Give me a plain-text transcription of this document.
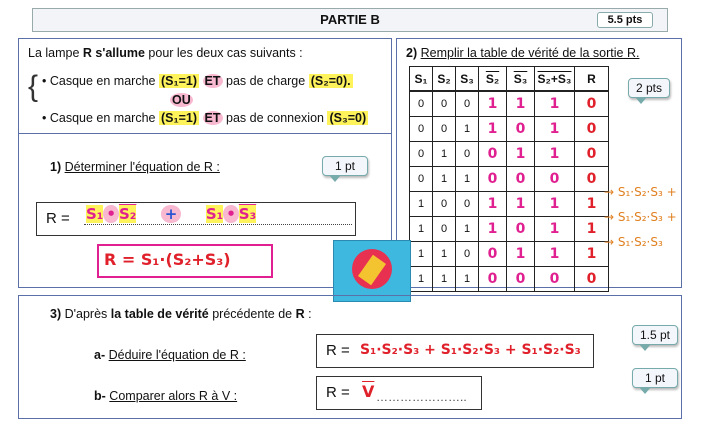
PARTIE B	5.5 pts
La lampe R s'allume pour les deux cas suivants :
{ • Casque en marche (S₁=1) ET pas de charge (S₂=0).
OU
• Casque en marche (S₁=1) ET pas de connexion (S₃=0)
1) Déterminer l'équation de R :	1 pt
R = S₁ • S₂ + S₁ • S₃
R = S₁·(S₂+S₃)
2) Remplir la table de vérité de la sortie R.
2 pts
S₁	S₂	S₃	S₂	S₃	S₂+S₃	R
0	0	0	1	1	1	0
0	0	1	1	0	1	0
0	1	0	0	1	1	0
0	1	1	0	0	0	0
1	0	0	1	1	1	1
1	0	1	1	0	1	1
1	1	0	0	1	1	1
1	1	1	0	0	0	0
→ S₁·S₂·S₃ +
→ S₁·S₂·S₃ +
→ S₁·S₂·S₃
3) D'après la table de vérité précédente de R :
a- Déduire l'équation de R :	R = S₁·S₂·S₃ + S₁·S₂·S₃ + S₁·S₂·S₃
1.5 pt
b- Comparer alors R à V :	$R = \overline{V}$ …………………..
1 pt
